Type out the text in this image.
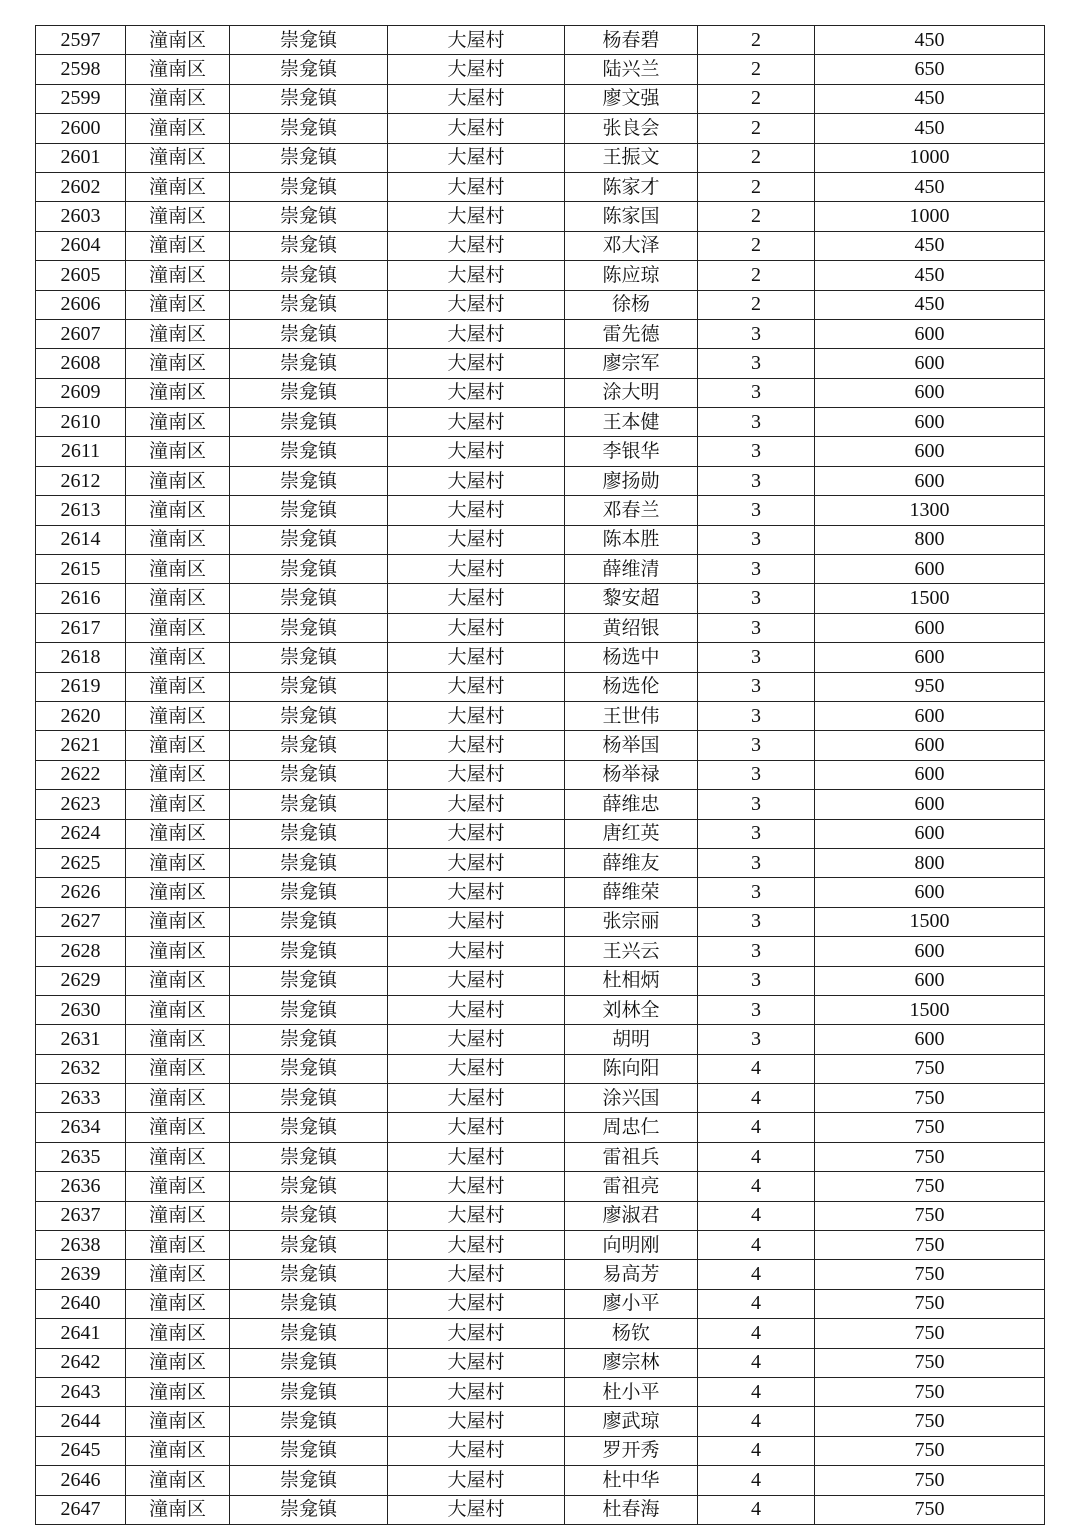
2597	潼南区	崇龛镇	大屋村	杨春碧	2	450
2598	潼南区	崇龛镇	大屋村	陆兴兰	2	650
2599	潼南区	崇龛镇	大屋村	廖文强	2	450
2600	潼南区	崇龛镇	大屋村	张良会	2	450
2601	潼南区	崇龛镇	大屋村	王振文	2	1000
2602	潼南区	崇龛镇	大屋村	陈家才	2	450
2603	潼南区	崇龛镇	大屋村	陈家国	2	1000
2604	潼南区	崇龛镇	大屋村	邓大泽	2	450
2605	潼南区	崇龛镇	大屋村	陈应琼	2	450
2606	潼南区	崇龛镇	大屋村	徐杨	2	450
2607	潼南区	崇龛镇	大屋村	雷先德	3	600
2608	潼南区	崇龛镇	大屋村	廖宗军	3	600
2609	潼南区	崇龛镇	大屋村	涂大明	3	600
2610	潼南区	崇龛镇	大屋村	王本健	3	600
2611	潼南区	崇龛镇	大屋村	李银华	3	600
2612	潼南区	崇龛镇	大屋村	廖扬勋	3	600
2613	潼南区	崇龛镇	大屋村	邓春兰	3	1300
2614	潼南区	崇龛镇	大屋村	陈本胜	3	800
2615	潼南区	崇龛镇	大屋村	薛维清	3	600
2616	潼南区	崇龛镇	大屋村	黎安超	3	1500
2617	潼南区	崇龛镇	大屋村	黄绍银	3	600
2618	潼南区	崇龛镇	大屋村	杨选中	3	600
2619	潼南区	崇龛镇	大屋村	杨选伦	3	950
2620	潼南区	崇龛镇	大屋村	王世伟	3	600
2621	潼南区	崇龛镇	大屋村	杨举国	3	600
2622	潼南区	崇龛镇	大屋村	杨举禄	3	600
2623	潼南区	崇龛镇	大屋村	薛维忠	3	600
2624	潼南区	崇龛镇	大屋村	唐红英	3	600
2625	潼南区	崇龛镇	大屋村	薛维友	3	800
2626	潼南区	崇龛镇	大屋村	薛维荣	3	600
2627	潼南区	崇龛镇	大屋村	张宗丽	3	1500
2628	潼南区	崇龛镇	大屋村	王兴云	3	600
2629	潼南区	崇龛镇	大屋村	杜相炳	3	600
2630	潼南区	崇龛镇	大屋村	刘林全	3	1500
2631	潼南区	崇龛镇	大屋村	胡明	3	600
2632	潼南区	崇龛镇	大屋村	陈向阳	4	750
2633	潼南区	崇龛镇	大屋村	涂兴国	4	750
2634	潼南区	崇龛镇	大屋村	周忠仁	4	750
2635	潼南区	崇龛镇	大屋村	雷祖兵	4	750
2636	潼南区	崇龛镇	大屋村	雷祖亮	4	750
2637	潼南区	崇龛镇	大屋村	廖淑君	4	750
2638	潼南区	崇龛镇	大屋村	向明刚	4	750
2639	潼南区	崇龛镇	大屋村	易高芳	4	750
2640	潼南区	崇龛镇	大屋村	廖小平	4	750
2641	潼南区	崇龛镇	大屋村	杨钦	4	750
2642	潼南区	崇龛镇	大屋村	廖宗林	4	750
2643	潼南区	崇龛镇	大屋村	杜小平	4	750
2644	潼南区	崇龛镇	大屋村	廖武琼	4	750
2645	潼南区	崇龛镇	大屋村	罗开秀	4	750
2646	潼南区	崇龛镇	大屋村	杜中华	4	750
2647	潼南区	崇龛镇	大屋村	杜春海	4	750
